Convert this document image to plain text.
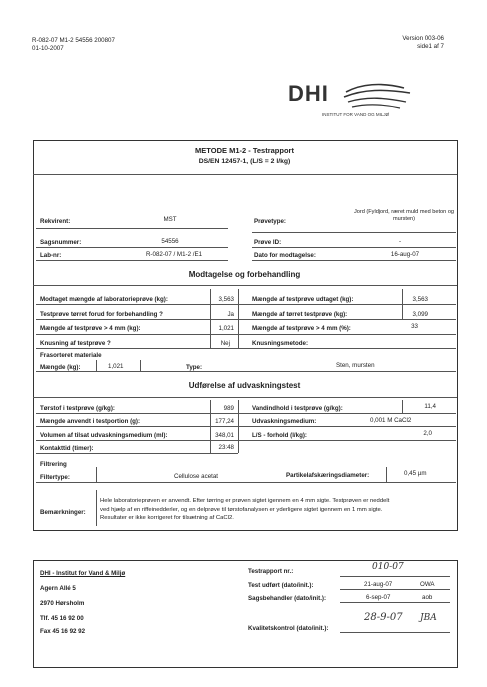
R-082-07 M1-2 54556 200807
01-10-2007
Version 003-06
side1 af 7
DHI
INSTITUT FOR VAND OG MILJØ
METODE M1-2 - Testrapport
DS/EN 12457-1, (L/S = 2 l/kg)
Rekvirent:	MST	Prøvetype:
Jord (Fyldjord, ræret muld med beton og mursten)
Sagsnummer:	54556	Prøve ID:	-
Lab-nr:	R-082-07 / M1-2 /E1	Dato for modtagelse:	16-aug-07
Modtagelse og forbehandling
Modtaget mængde af laboratorieprøve (kg):	3,563	Mængde af testprøve udtaget (kg):	3,563
Testprøve tørret forud for forbehandling ?	Ja	Mængde af tørret testprøve (kg):	3,099
Mængde af testprøve > 4 mm (kg):	1,021	Mængde af testprøve > 4 mm (%):	33
Knusning af testprøve ?	Nej	Knusningsmetode:
Frasorteret materiale
Mængde (kg):	1,021	Type:	Sten, mursten
Udførelse af udvaskningstest
Tørstof i testprøve (g/kg):	989	Vandindhold i testprøve (g/kg):	11,4
Mængde anvendt i testportion (g):	177,24	Udvaskningsmedium:	0,001 M CaCl2
Volumen af tilsat udvaskningsmedium (ml):	348,01	L/S - forhold (l/kg):	2,0
Kontakttid (timer):	23:48
Filtrering
Filtertype:	Cellulose acetat	Partikelafskæringsdiameter:	0,45 µm
Bemærkninger:
Hele laboratorieprøven er anvendt. Efter tørring er prøven sigtet igennem en 4 mm sigte. Testprøven er neddelt
ved hjælp af en riffeinedderler, og en delprøve til tørstofanalysen er yderligere sigtet igennem en 1 mm sigte.
Resultater er ikke korrigeret for tilsætning af CaCl2.
DHI - Institut for Vand & Miljø
Agern Allé 5
2970 Hørsholm
Tlf. 45 16 92 00
Fax 45 16 92 92
Testrapport nr.:	010-07
Test udført (dato/init.):	21-aug-07	OWA
Sagsbehandler (dato/init.):	6-sep-07	aob
Kvalitetskontrol (dato/init.):
28-9-07 JBA
